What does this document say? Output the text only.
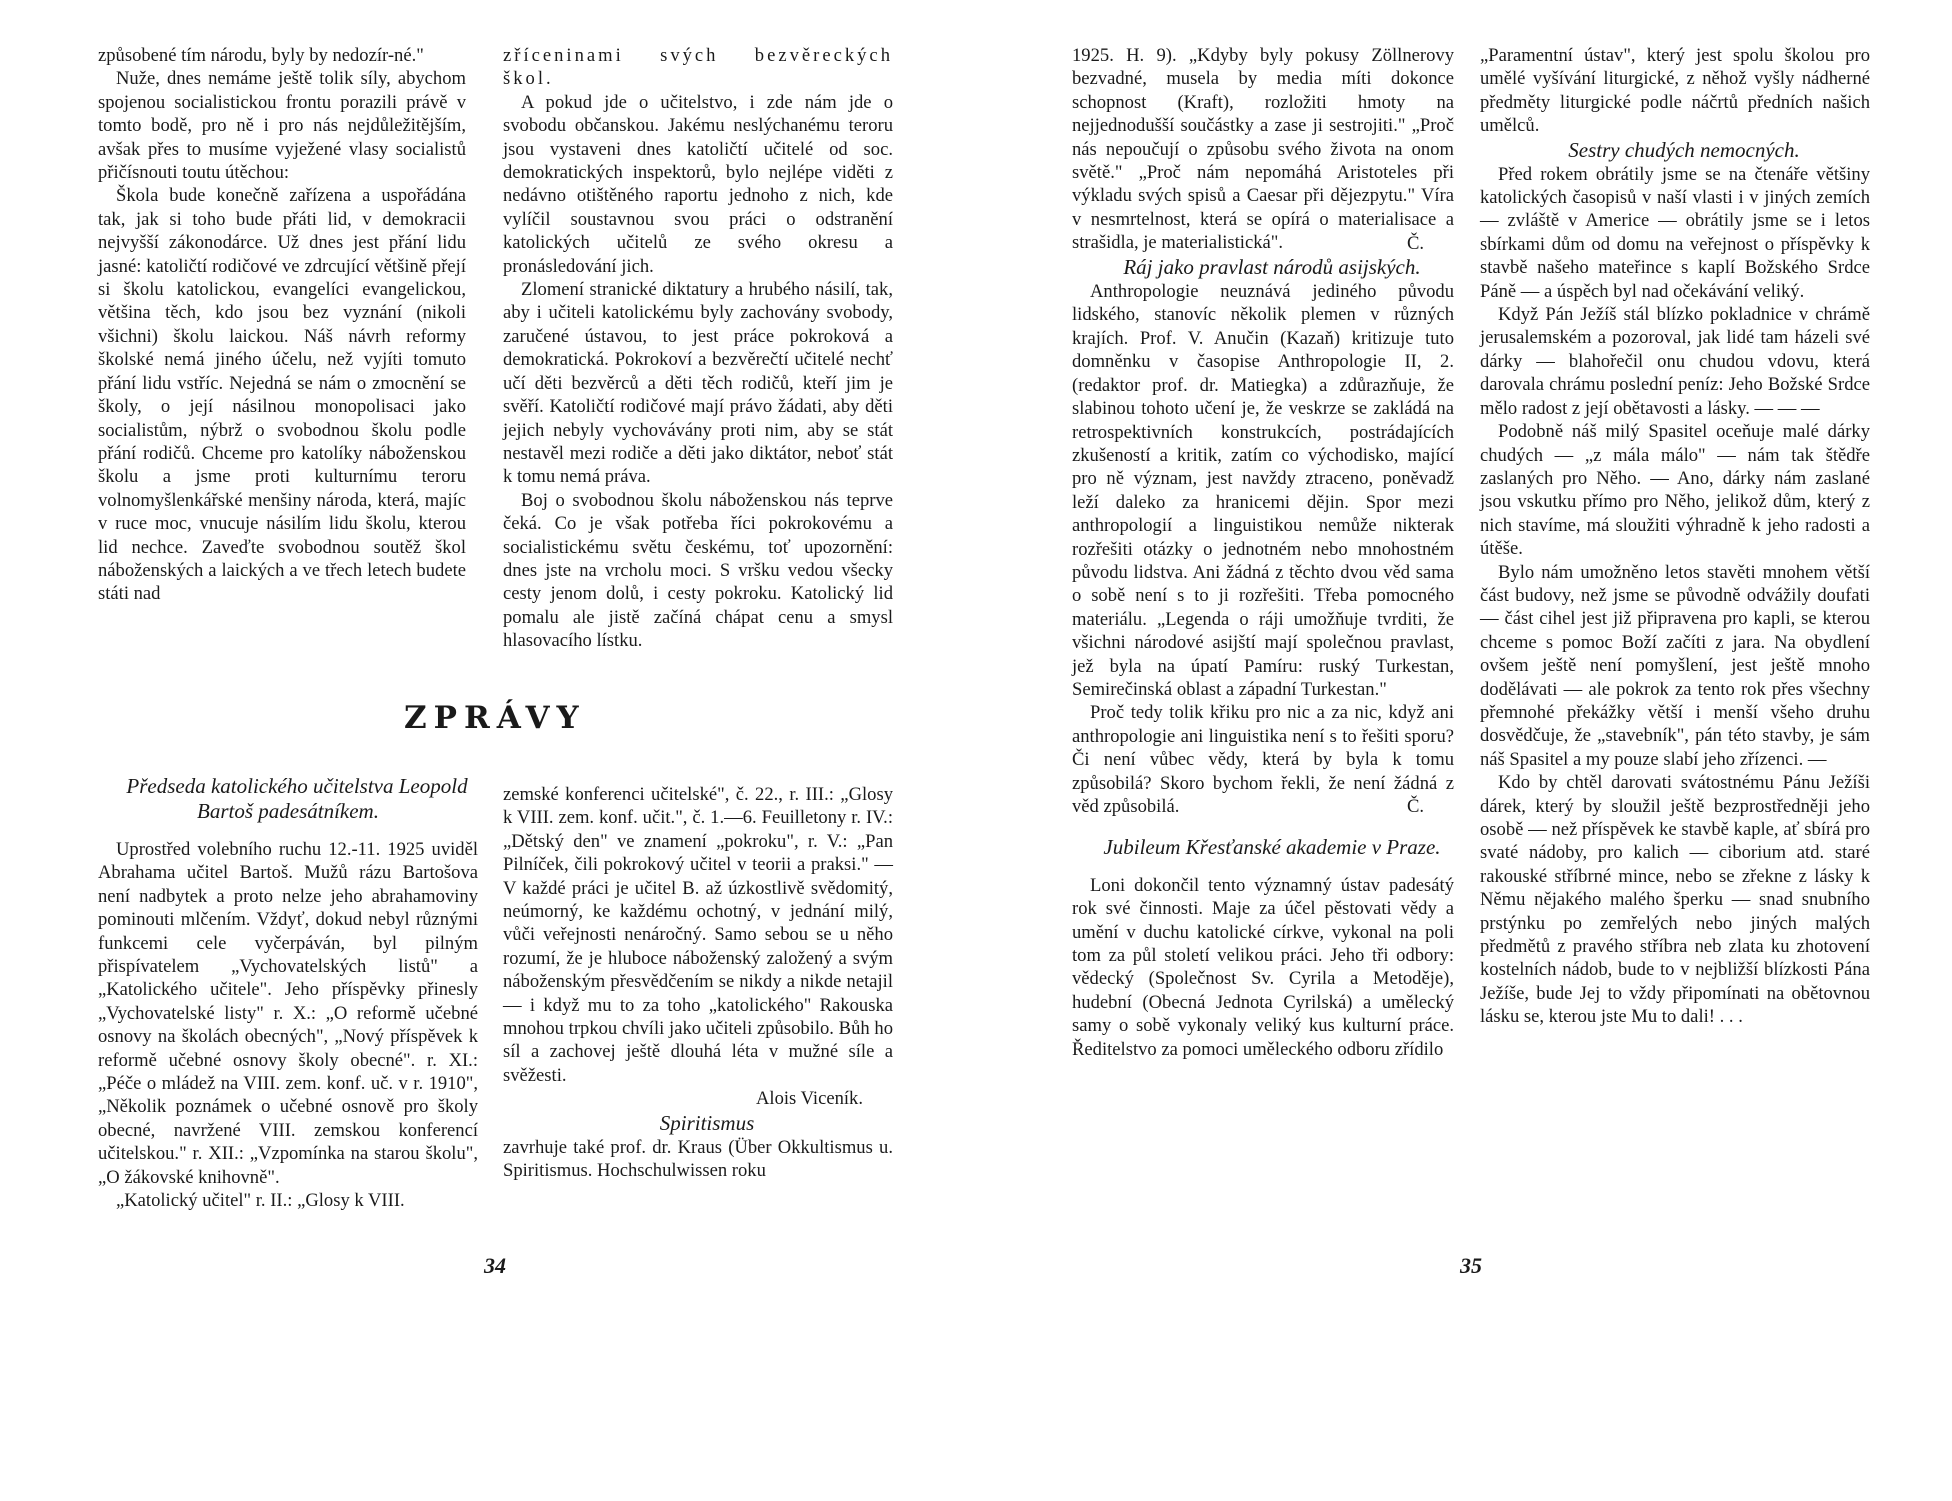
způsobené tím národu, byly by nedozír-né."

Nuže, dnes nemáme ještě tolik síly, abychom spojenou socialistickou frontu porazili právě v tomto bodě, pro ně i pro nás nejdůležitějším, avšak přes to musíme vyježené vlasy socialistů přičísnouti toutu útěchou:

Škola bude konečně zařízena a uspořádána tak, jak si toho bude přáti lid, v demokracii nejvyšší zákonodárce. Už dnes jest přání lidu jasné: katoličtí rodičové ve zdrcující většině přejí si školu katolickou, evangelíci evangelickou, většina těch, kdo jsou bez vyznání (nikoli všichni) školu laickou. Náš návrh reformy školské nemá jiného účelu, než vyjíti tomuto přání lidu vstříc. Nejedná se nám o zmocnění se školy, o její násilnou monopolisaci jako socialistům, nýbrž o svobodnou školu podle přání rodičů. Chceme pro katolíky náboženskou školu a jsme proti kulturnímu teroru volnomyšlenkářské menšiny národa, která, majíc v ruce moc, vnucuje násilím lidu školu, kterou lid nechce. Zaveďte svobodnou soutěž škol náboženských a laických a ve třech letech budete státi nad

zříceninami svých bezvěreckých škol.

A pokud jde o učitelstvo, i zde nám jde o svobodu občanskou. Jakému neslýchanému teroru jsou vystaveni dnes katoličtí učitelé od soc. demokratických inspektorů, bylo nejlépe viděti z nedávno otištěného raportu jednoho z nich, kde vylíčil soustavnou svou práci o odstranění katolických učitelů ze svého okresu a pronásledování jich.

Zlomení stranické diktatury a hrubého násilí, tak, aby i učiteli katolickému byly zachovány svobody, zaručené ústavou, to jest práce pokroková a demokratická. Pokrokoví a bezvěrečtí učitelé nechť učí děti bezvěrců a děti těch rodičů, kteří jim je svěří. Katoličtí rodičové mají právo žádati, aby děti jejich nebyly vychovávány proti nim, aby se stát nestavěl mezi rodiče a děti jako diktátor, neboť stát k tomu nemá práva.

Boj o svobodnou školu náboženskou nás teprve čeká. Co je však potřeba říci pokrokovému a socialistickému světu českému, toť upozornění: dnes jste na vrcholu moci. S vršku vedou všecky cesty jenom dolů, i cesty pokroku. Katolický lid pomalu ale jistě začíná chápat cenu a smysl hlasovacího lístku.

ZPRÁVY

Předseda katolického učitelstva Leopold Bartoš padesátníkem.

Uprostřed volebního ruchu 12.-11. 1925 uviděl Abrahama učitel Bartoš. Mužů rázu Bartošova není nadbytek a proto nelze jeho abrahamoviny pominouti mlčením. Vždyť, dokud nebyl různými funkcemi cele vyčerpáván, byl pilným přispívatelem „Vychovatelských listů" a „Katolického učitele". Jeho příspěvky přinesly „Vychovatelské listy" r. X.: „O reformě učebné osnovy na školách obecných", „Nový příspěvek k reformě učebné osnovy školy obecné". r. XI.: „Péče o mládež na VIII. zem. konf. uč. v r. 1910", „Několik poznámek o učebné osnově pro školy obecné, navržené VIII. zemskou konferencí učitelskou." r. XII.: „Vzpomínka na starou školu", „O žákovské knihovně".

„Katolický učitel" r. II.: „Glosy k VIII.

zemské konferenci učitelské", č. 22., r. III.: „Glosy k VIII. zem. konf. učit.", č. 1.—6. Feuilletony r. IV.: „Dětský den" ve znamení „pokroku", r. V.: „Pan Pilníček, čili pokrokový učitel v teorii a praksi." — V každé práci je učitel B. až úzkostlivě svědomitý, neúmorný, ke každému ochotný, v jednání milý, vůči veřejnosti nenáročný. Samo sebou se u něho rozumí, že je hluboce náboženský založený a svým náboženským přesvědčením se nikdy a nikde netajil — i když mu to za toho „katolického" Rakouska mnohou trpkou chvíli jako učiteli způsobilo. Bůh ho síl a zachovej ještě dlouhá léta v mužné síle a svěžesti.

Alois Viceník.

Spiritismus

zavrhuje také prof. dr. Kraus (Über Okkultismus u. Spiritismus. Hochschulwissen roku

34

1925. H. 9). „Kdyby byly pokusy Zöllnerovy bezvadné, musela by media míti dokonce schopnost (Kraft), rozložiti hmoty na nejjednodušší součástky a zase ji sestrojiti." „Proč nás nepoučují o způsobu svého života na onom světě." „Proč nám nepomáhá Aristoteles při výkladu svých spisů a Caesar při dějezpytu." Víra v nesmrtelnost, která se opírá o materialisace a strašidla, je materialistická".	Č.

Ráj jako pravlast národů asijských.

Anthropologie neuznává jediného původu lidského, stanovíc několik plemen v různých krajích. Prof. V. Anučin (Kazaň) kritizuje tuto domněnku v časopise Anthropologie II, 2. (redaktor prof. dr. Matiegka) a zdůrazňuje, že slabinou tohoto učení je, že veskrze se zakládá na retrospektivních konstrukcích, postrádajících zkušeností a kritik, zatím co východisko, mající pro ně význam, jest navždy ztraceno, poněvadž leží daleko za hranicemi dějin. Spor mezi anthropologií a linguistikou nemůže nikterak rozřešiti otázky o jednotném nebo mnohostném původu lidstva. Ani žádná z těchto dvou věd sama o sobě není s to ji rozřešiti. Třeba pomocného materiálu. „Legenda o ráji umožňuje tvrditi, že všichni národové asijští mají společnou pravlast, jež byla na úpatí Pamíru: ruský Turkestan, Semirečinská oblast a západní Turkestan."

Proč tedy tolik křiku pro nic a za nic, když ani anthropologie ani linguistika není s to řešiti sporu? Či není vůbec vědy, která by byla k tomu způsobilá? Skoro bychom řekli, že není žádná z věd způsobilá.	Č.

Jubileum Křesťanské akademie v Praze.

Loni dokončil tento významný ústav padesátý rok své činnosti. Maje za účel pěstovati vědy a umění v duchu katolické církve, vykonal na poli tom za půl století velikou práci. Jeho tři odbory: vědecký (Společnost Sv. Cyrila a Metoděje), hudební (Obecná Jednota Cyrilská) a umělecký samy o sobě vykonaly veliký kus kulturní práce. Ředitelstvo za pomoci uměleckého odboru zřídilo

„Paramentní ústav", který jest spolu školou pro umělé vyšívání liturgické, z něhož vyšly nádherné předměty liturgické podle náčrtů předních našich umělců.

Sestry chudých nemocných.

Před rokem obrátily jsme se na čtenáře většiny katolických časopisů v naší vlasti i v jiných zemích — zvláště v Americe — obrátily jsme se i letos sbírkami dům od domu na veřejnost o příspěvky k stavbě našeho mateřince s kaplí Božského Srdce Páně — a úspěch byl nad očekávání veliký.

Když Pán Ježíš stál blízko pokladnice v chrámě jerusalemském a pozoroval, jak lidé tam házeli své dárky — blahořečil onu chudou vdovu, která darovala chrámu poslední peníz: Jeho Božské Srdce mělo radost z její obětavosti a lásky. — — —

Podobně náš milý Spasitel oceňuje malé dárky chudých — „z mála málo" — nám tak štědře zaslaných pro Něho. — Ano, dárky nám zaslané jsou vskutku přímo pro Něho, jelikož dům, který z nich stavíme, má sloužiti výhradně k jeho radosti a útěše.

Bylo nám umožněno letos stavěti mnohem větší část budovy, než jsme se původně odvážily doufati — část cihel jest již připravena pro kapli, se kterou chceme s pomoc Boží začíti z jara. Na obydlení ovšem ještě není pomyšlení, jest ještě mnoho dodělávati — ale pokrok za tento rok přes všechny přemnohé překážky větší i menší všeho druhu dosvědčuje, že „stavebník", pán této stavby, je sám náš Spasitel a my pouze slabí jeho zřízenci. —

Kdo by chtěl darovati svátostnému Pánu Ježíši dárek, který by sloužil ještě bezprostředněji jeho osobě — než příspěvek ke stavbě kaple, ať sbírá pro svaté nádoby, pro kalich — ciborium atd. staré rakouské stříbrné mince, nebo se zřekne z lásky k Němu nějakého malého šperku — snad snubního prstýnku po zemřelých nebo jiných malých předmětů z pravého stříbra neb zlata ku zhotovení kostelních nádob, bude to v nejbližší blízkosti Pána Ježíše, bude Jej to vždy připomínati na obětovnou lásku se, kterou jste Mu to dali! . . .

35
